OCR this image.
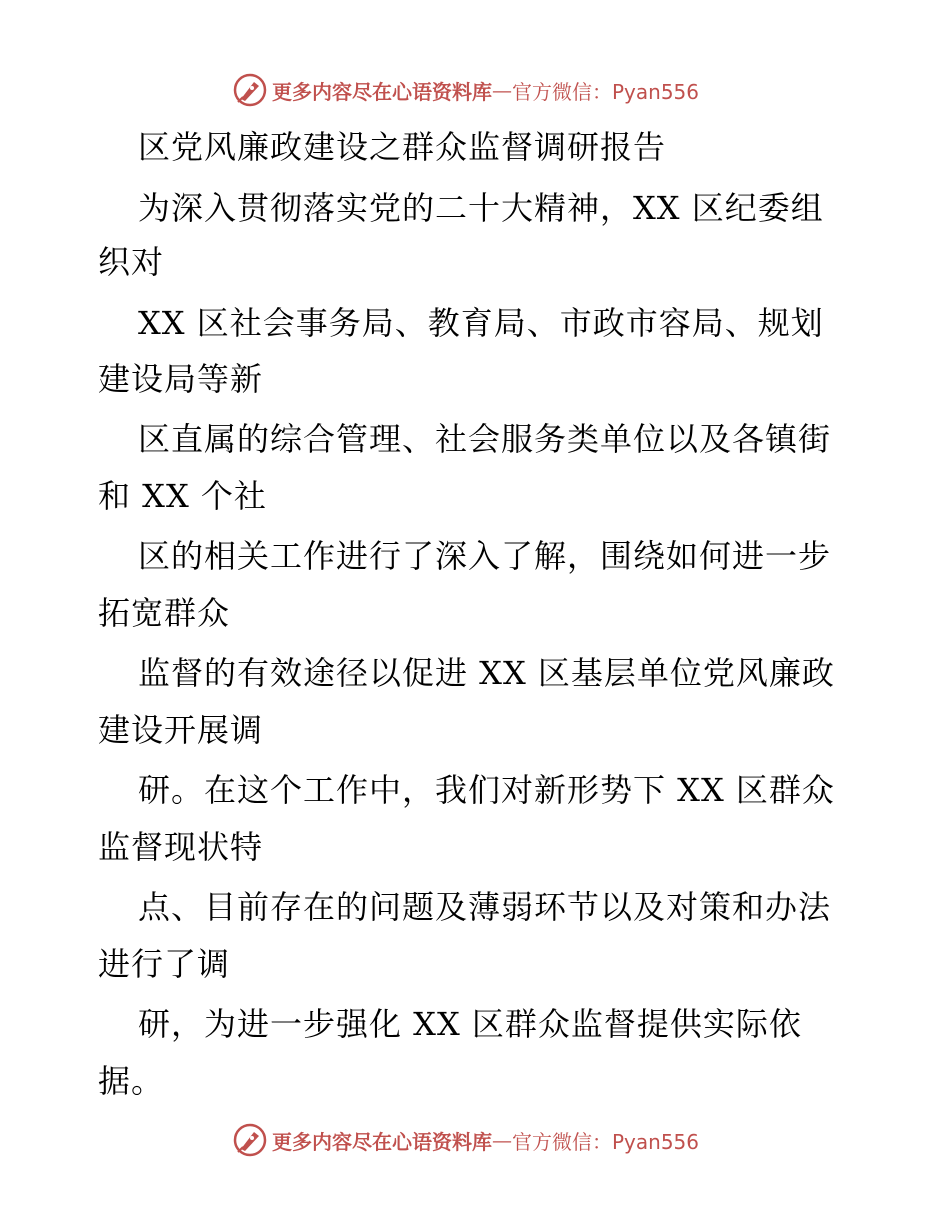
更多内容尽在心语资料库 — 官方微信：Pyan556
区党风廉政建设之群众监督调研报告
为深入贯彻落实党的二十大精神，XX 区纪委组
织对
XX 区社会事务局、教育局、市政市容局、规划
建设局等新
区直属的综合管理、社会服务类单位以及各镇街
和 XX 个社
区的相关工作进行了深入了解，围绕如何进一步
拓宽群众
监督的有效途径以促进 XX 区基层单位党风廉政
建设开展调
研。在这个工作中，我们对新形势下 XX 区群众
监督现状特
点、目前存在的问题及薄弱环节以及对策和办法
进行了调
研，为进一步强化 XX 区群众监督提供实际依
据。
更多内容尽在心语资料库 — 官方微信：Pyan556
